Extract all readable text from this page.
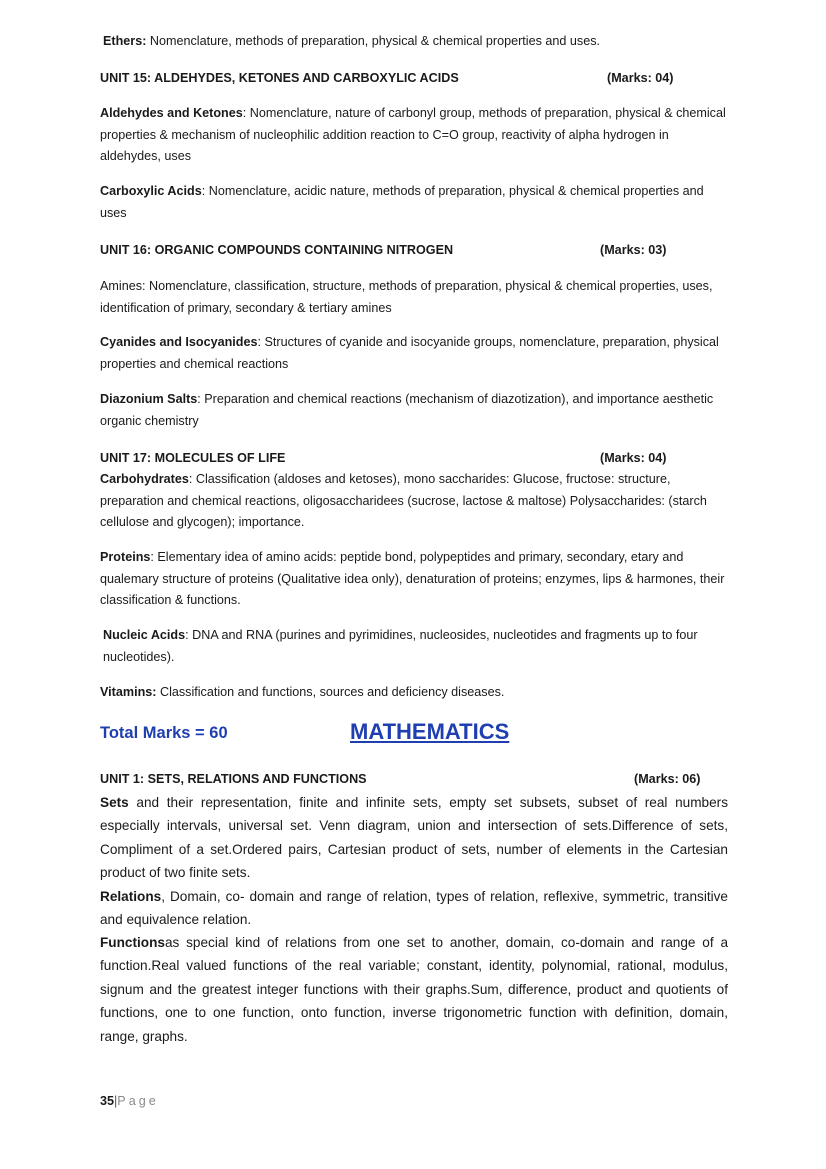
Ethers: Nomenclature, methods of preparation, physical & chemical properties and uses.

UNIT 15: ALDEHYDES, KETONES AND CARBOXYLIC ACIDS	(Marks: 04)

Aldehydes and Ketones: Nomenclature, nature of carbonyl group, methods of preparation, physical & chemical properties & mechanism of nucleophilic addition reaction to C=O group, reactivity of alpha hydrogen in aldehydes, uses

Carboxylic Acids: Nomenclature, acidic nature, methods of preparation, physical & chemical properties and uses

UNIT 16: ORGANIC COMPOUNDS CONTAINING NITROGEN	(Marks: 03)

Amines: Nomenclature, classification, structure, methods of preparation, physical & chemical properties, uses, identification of primary, secondary & tertiary amines

Cyanides and Isocyanides: Structures of cyanide and isocyanide groups, nomenclature, preparation, physical properties and chemical reactions

Diazonium Salts: Preparation and chemical reactions (mechanism of diazotization), and importance aesthetic organic chemistry

UNIT 17: MOLECULES OF LIFE	(Marks: 04)

Carbohydrates: Classification (aldoses and ketoses), mono saccharides: Glucose, fructose: structure, preparation and chemical reactions, oligosaccharidees (sucrose, lactose & maltose) Polysaccharides: (starch cellulose and glycogen); importance.

Proteins: Elementary idea of amino acids: peptide bond, polypeptides and primary, secondary, etary and qualemary structure of proteins (Qualitative idea only), denaturation of proteins; enzymes, lips & harmones, their classification & functions.

Nucleic Acids: DNA and RNA (purines and pyrimidines, nucleosides, nucleotides and fragments up to four nucleotides).

Vitamins: Classification and functions, sources and deficiency diseases.

Total Marks = 60	MATHEMATICS
UNIT 1: SETS, RELATIONS AND FUNCTIONS	(Marks: 06)

Sets and their representation, finite and infinite sets, empty set subsets, subset of real numbers especially intervals, universal set. Venn diagram, union and intersection of sets.Difference of sets, Compliment of a set.Ordered pairs, Cartesian product of sets, number of elements in the Cartesian product of two finite sets.

Relations, Domain, co- domain and range of relation, types of relation, reflexive, symmetric, transitive and equivalence relation.

Functionsas special kind of relations from one set to another, domain, co-domain and range of a function.Real valued functions of the real variable; constant, identity, polynomial, rational, modulus, signum and the greatest integer functions with their graphs.Sum, difference, product and quotients of functions, one to one function, onto function, inverse trigonometric function with definition, domain, range, graphs.

35|Page
